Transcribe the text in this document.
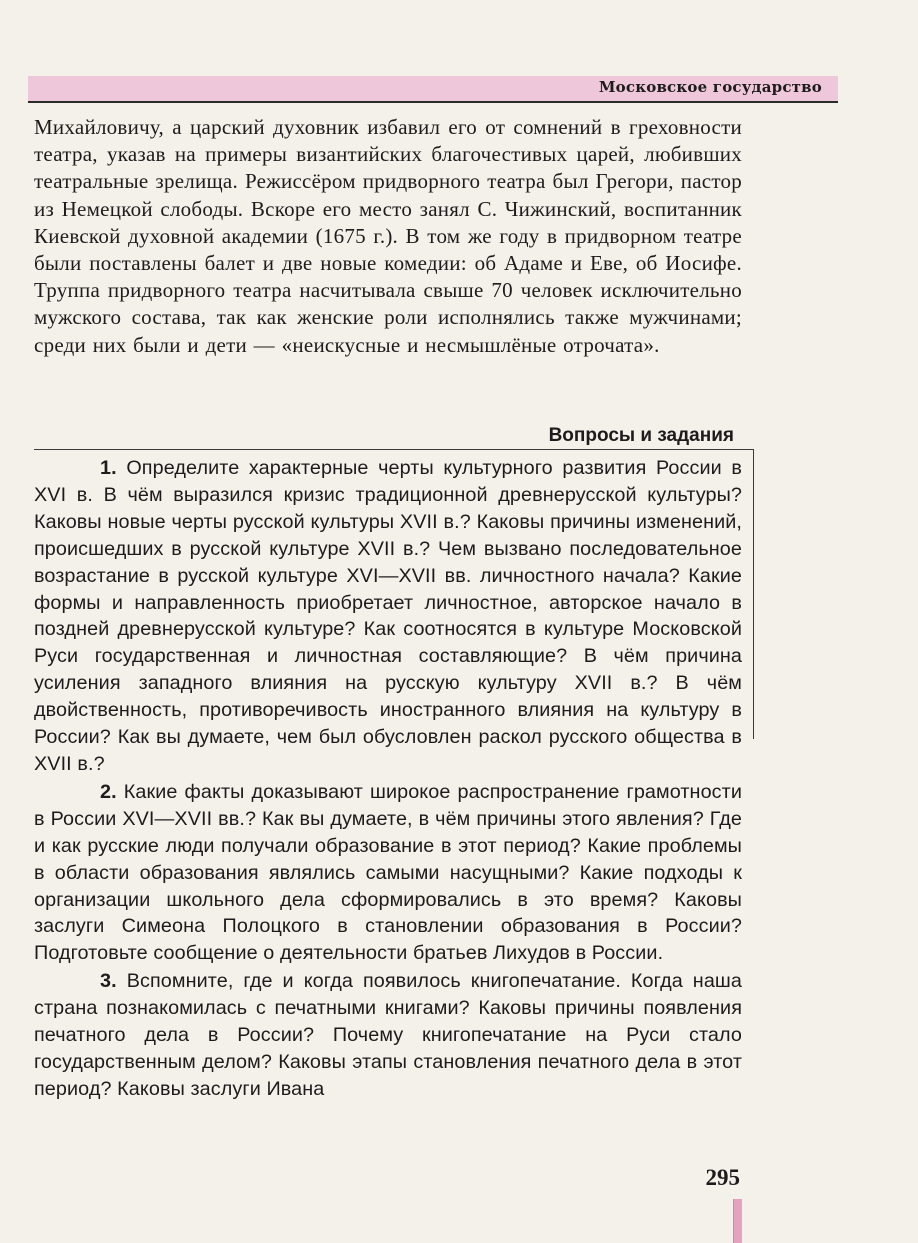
Московское государство

Михайловичу, а царский духовник избавил его от сомнений в греховности театра, указав на примеры византийских благочестивых царей, любивших театральные зрелища. Режиссёром придворного театра был Грегори, пастор из Немецкой слободы. Вскоре его место занял С. Чижинский, воспитанник Киевской духовной академии (1675 г.). В том же году в придворном театре были поставлены балет и две новые комедии: об Адаме и Еве, об Иосифе. Труппа придворного театра насчитывала свыше 70 человек исключительно мужского состава, так как женские роли исполнялись также мужчинами; среди них были и дети — «неискусные и несмышлёные отрочата».

Вопросы и задания

1. Определите характерные черты культурного развития России в XVI в. В чём выразился кризис традиционной древнерусской культуры? Каковы новые черты русской культуры XVII в.? Каковы причины изменений, происшедших в русской культуре XVII в.? Чем вызвано последовательное возрастание в русской культуре XVI—XVII вв. личностного начала? Какие формы и направленность приобретает личностное, авторское начало в поздней древнерусской культуре? Как соотносятся в культуре Московской Руси государственная и личностная составляющие? В чём причина усиления западного влияния на русскую культуру XVII в.? В чём двойственность, противоречивость иностранного влияния на культуру в России? Как вы думаете, чем был обусловлен раскол русского общества в XVII в.?

2. Какие факты доказывают широкое распространение грамотности в России XVI—XVII вв.? Как вы думаете, в чём причины этого явления? Где и как русские люди получали образование в этот период? Какие проблемы в области образования являлись самыми насущными? Какие подходы к организации школьного дела сформировались в это время? Каковы заслуги Симеона Полоцкого в становлении образования в России? Подготовьте сообщение о деятельности братьев Лихудов в России.

3. Вспомните, где и когда появилось книгопечатание. Когда наша страна познакомилась с печатными книгами? Каковы причины появления печатного дела в России? Почему книгопечатание на Руси стало государственным делом? Каковы этапы становления печатного дела в этот период? Каковы заслуги Ивана

295
